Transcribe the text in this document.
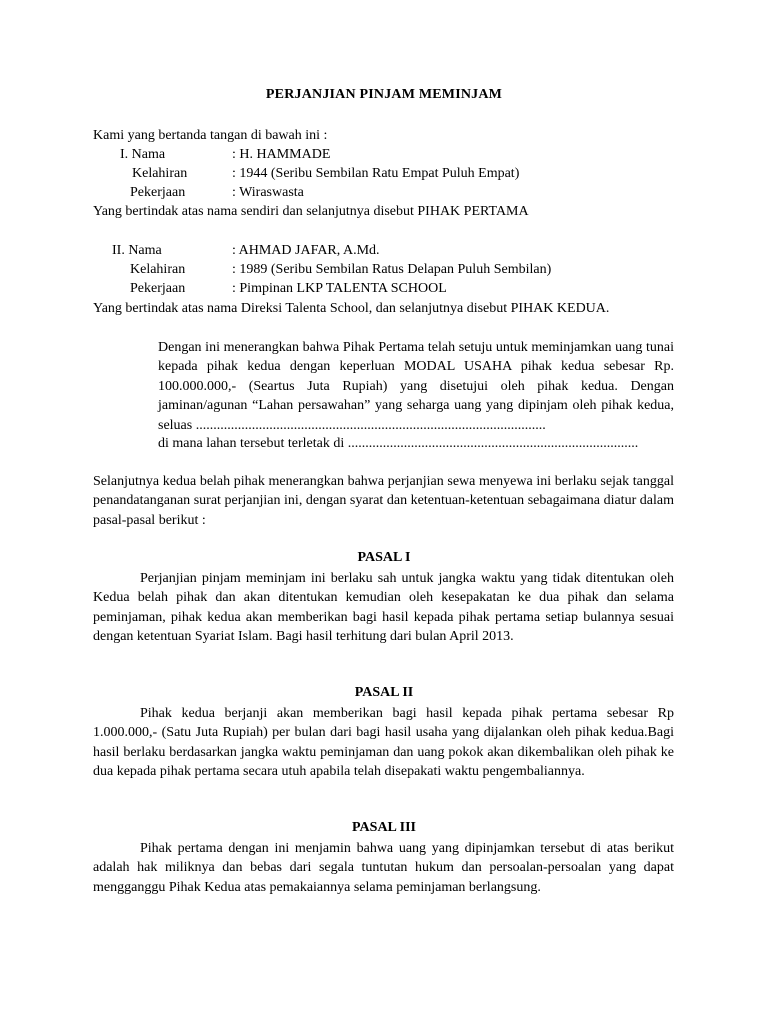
PERJANJIAN PINJAM MEMINJAM
Kami yang bertanda tangan di bawah ini :
I. Nama	: H. HAMMADE
Kelahiran	: 1944 (Seribu Sembilan Ratu Empat Puluh Empat)
Pekerjaan	: Wiraswasta
Yang bertindak atas nama sendiri dan selanjutnya disebut PIHAK PERTAMA
II. Nama	: AHMAD JAFAR, A.Md.
Kelahiran	: 1989 (Seribu Sembilan Ratus Delapan Puluh Sembilan)
Pekerjaan	: Pimpinan LKP TALENTA SCHOOL
Yang bertindak atas nama Direksi Talenta School, dan selanjutnya disebut PIHAK KEDUA.
Dengan ini menerangkan bahwa Pihak Pertama telah setuju untuk meminjamkan uang tunai kepada pihak kedua dengan keperluan MODAL USAHA pihak kedua sebesar Rp. 100.000.000,- (Seartus Juta Rupiah) yang disetujui oleh pihak kedua. Dengan jaminan/agunan “Lahan persawahan” yang seharga uang yang dipinjam oleh pihak kedua, seluas ....................................................................................................
di mana lahan tersebut terletak di ...................................................................................
Selanjutnya kedua belah pihak menerangkan bahwa perjanjian sewa menyewa ini berlaku sejak tanggal penandatanganan surat perjanjian ini, dengan syarat dan ketentuan-ketentuan sebagaimana diatur dalam pasal-pasal berikut :
PASAL I
Perjanjian pinjam meminjam ini berlaku sah untuk jangka waktu yang tidak ditentukan oleh Kedua belah pihak dan akan ditentukan kemudian oleh kesepakatan ke dua pihak dan selama peminjaman, pihak kedua akan memberikan bagi hasil kepada pihak pertama setiap bulannya sesuai dengan ketentuan Syariat Islam. Bagi hasil terhitung dari bulan April 2013.
PASAL II
Pihak kedua berjanji akan memberikan bagi hasil kepada pihak pertama sebesar Rp 1.000.000,- (Satu Juta Rupiah) per bulan dari bagi hasil usaha yang dijalankan oleh pihak kedua.Bagi hasil berlaku berdasarkan jangka waktu peminjaman dan uang pokok akan dikembalikan oleh pihak ke dua kepada pihak pertama secara utuh apabila telah disepakati waktu pengembaliannya.
PASAL III
Pihak pertama dengan ini menjamin bahwa uang yang dipinjamkan tersebut di atas berikut adalah hak miliknya dan bebas dari segala tuntutan hukum dan persoalan-persoalan yang dapat mengganggu Pihak Kedua atas pemakaiannya selama peminjaman berlangsung.
